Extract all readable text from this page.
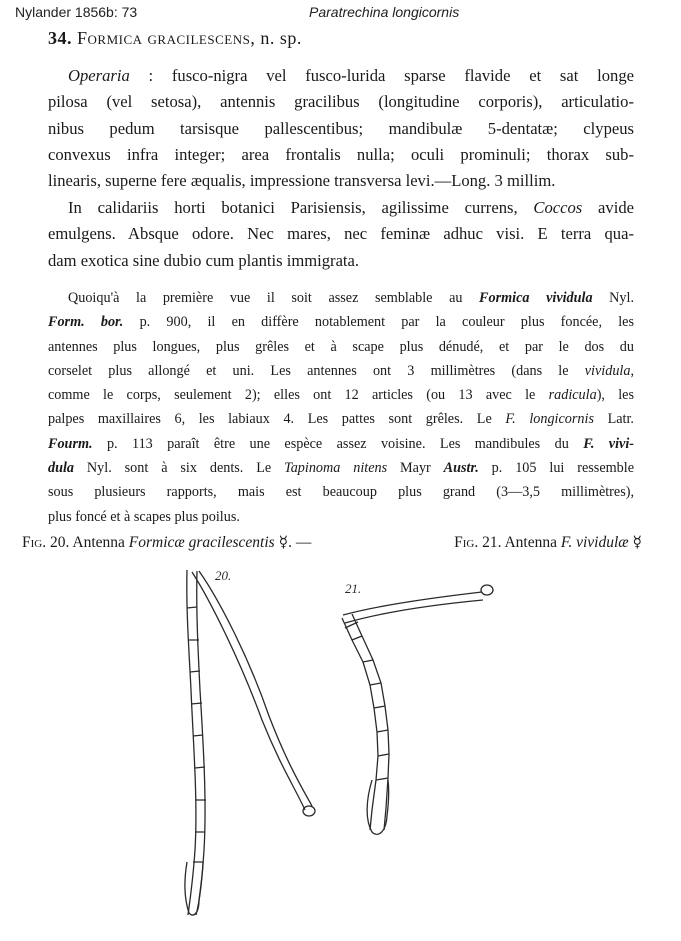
Nylander 1856b: 73	Paratrechina longicornis
34. Formica gracilescens, n. sp.
Operaria : fusco-nigra vel fusco-lurida sparse flavide et sat longe
pilosa (vel setosa), antennis gracilibus (longitudine corporis), articulatio-
nibus pedum tarsisque pallescentibus; mandibulæ 5-dentatæ; clypeus
convexus infra integer; area frontalis nulla; oculi prominuli; thorax sub-
linearis, superne fere æqualis, impressione transversa levi.—Long. 3 millim.
In calidariis horti botanici Parisiensis, agilissime currens, Coccos avide
emulgens. Absque odore. Nec mares, nec feminæ adhuc visi. E terra qua-
dam exotica sine dubio cum plantis immigrata.
Quoiqu'à la première vue il soit assez semblable au Formica vividula Nyl.
Form. bor. p. 900, il en diffère notablement par la couleur plus foncée, les
antennes plus longues, plus grêles et à scape plus dénudé, et par le dos du
corselet plus allongé et uni. Les antennes ont 3 millimètres (dans le vividula,
comme le corps, seulement 2); elles ont 12 articles (ou 13 avec le radicula), les
palpes maxillaires 6, les labiaux 4. Les pattes sont grêles. Le F. longicornis Latr.
Fourm. p. 113 paraît être une espèce assez voisine. Les mandibules du F. vivi-
dula Nyl. sont à six dents. Le Tapinoma nitens Mayr Austr. p. 105 lui ressemble
sous plusieurs rapports, mais est beaucoup plus grand (3—3,5 millimètres),
plus foncé et à scapes plus poilus.
Fig. 20. Antenna Formicæ gracilescentis ☿. —	Fig. 21. Antenna F. vividulæ ☿
20.
21.
